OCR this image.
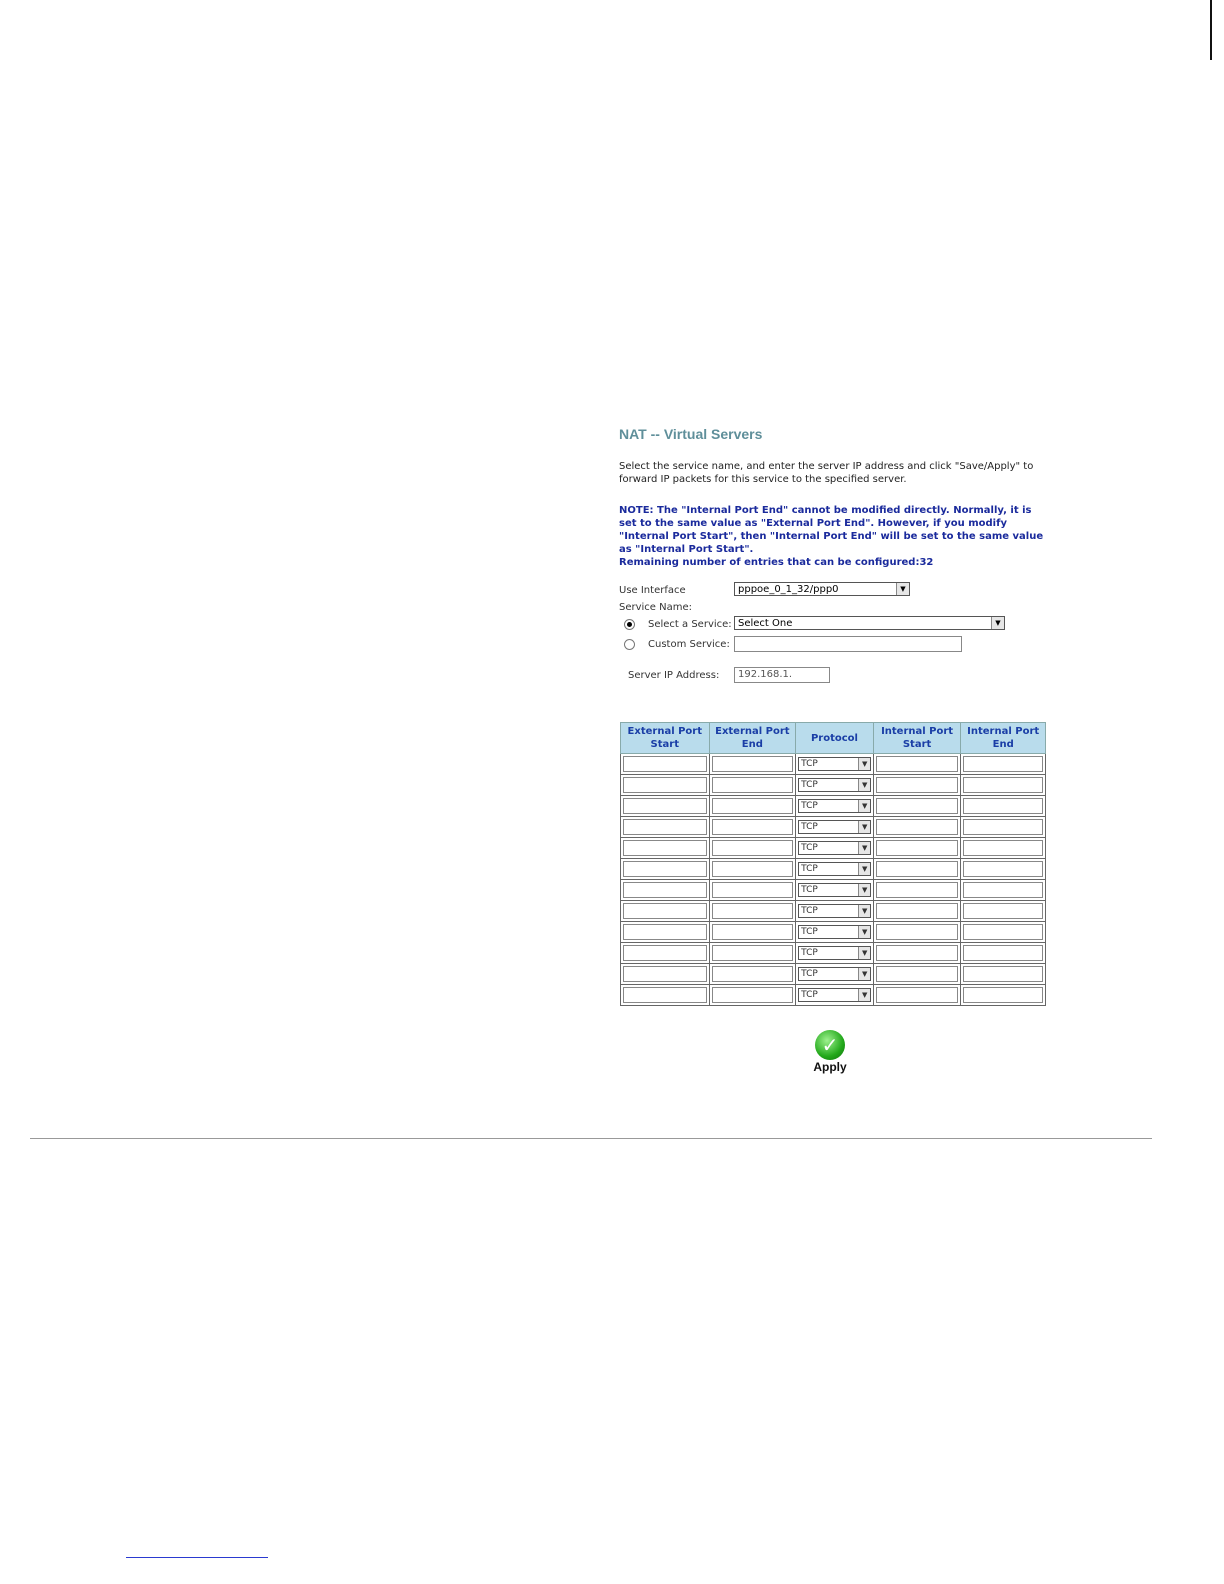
NAT -- Virtual Servers
Select the service name, and enter the server IP address and click "Save/Apply" to forward IP packets for this service to the specified server.
NOTE: The "Internal Port End" cannot be modified directly. Normally, it is set to the same value as "External Port End". However, if you modify "Internal Port Start", then "Internal Port End" will be set to the same value as "Internal Port Start".
Remaining number of entries that can be configured:32
Use Interface	pppoe_0_1_32/ppp0	▼
Service Name:
Select a Service: Select One	▼
Custom Service:
Server IP Address:	192.168.1.
External Port Start	External Port End	Protocol	Internal Port Start	Internal Port End

		TCP ▼		

		TCP ▼		

		TCP ▼		

		TCP ▼		

		TCP ▼		

		TCP ▼		

		TCP ▼		

		TCP ▼		

		TCP ▼		

		TCP ▼		

		TCP ▼		

		TCP ▼		

✓
Apply
